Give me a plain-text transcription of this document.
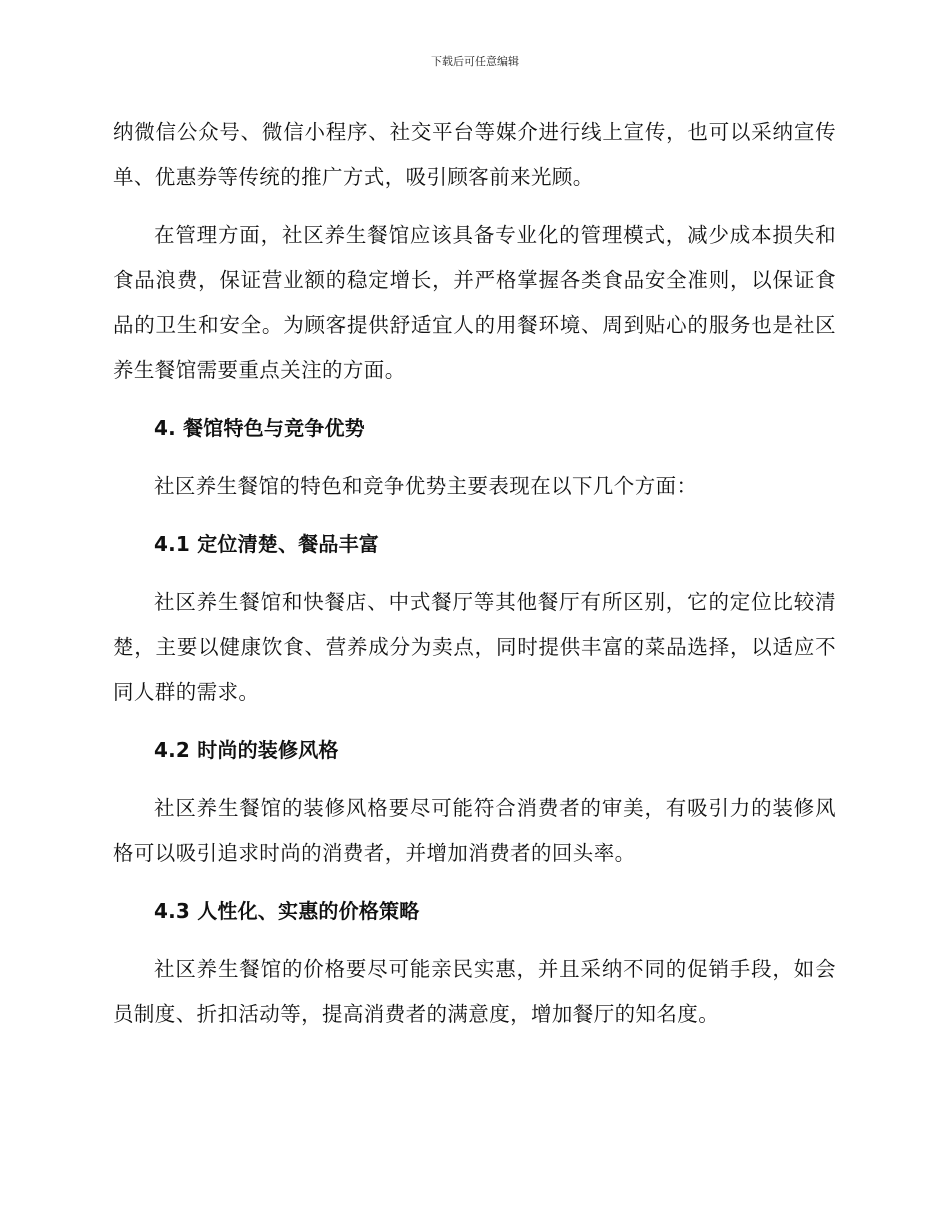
下载后可任意编辑

纳微信公众号、微信小程序、社交平台等媒介进行线上宣传，也可以采纳宣传单、优惠券等传统的推广方式，吸引顾客前来光顾。

在管理方面，社区养生餐馆应该具备专业化的管理模式，减少成本损失和食品浪费，保证营业额的稳定增长，并严格掌握各类食品安全准则，以保证食品的卫生和安全。为顾客提供舒适宜人的用餐环境、周到贴心的服务也是社区养生餐馆需要重点关注的方面。

4. 餐馆特色与竞争优势

社区养生餐馆的特色和竞争优势主要表现在以下几个方面：

4.1 定位清楚、餐品丰富

社区养生餐馆和快餐店、中式餐厅等其他餐厅有所区别，它的定位比较清楚，主要以健康饮食、营养成分为卖点，同时提供丰富的菜品选择，以适应不同人群的需求。

4.2 时尚的装修风格

社区养生餐馆的装修风格要尽可能符合消费者的审美，有吸引力的装修风格可以吸引追求时尚的消费者，并增加消费者的回头率。

4.3 人性化、实惠的价格策略

社区养生餐馆的价格要尽可能亲民实惠，并且采纳不同的促销手段，如会员制度、折扣活动等，提高消费者的满意度，增加餐厅的知名度。
